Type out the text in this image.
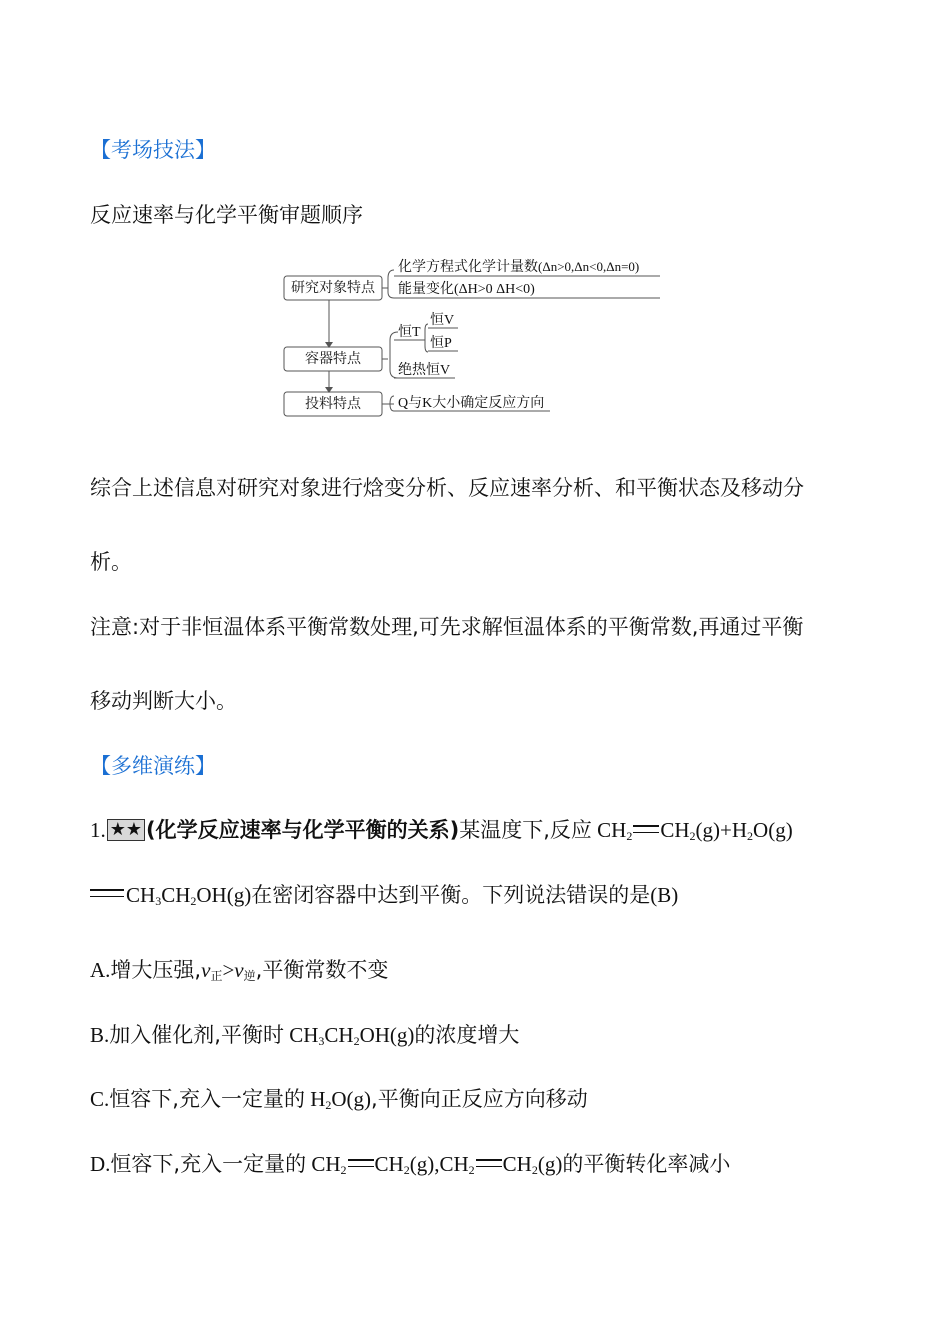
【考场技法】
反应速率与化学平衡审题顺序
研究对象特点
容器特点
投料特点
化学方程式化学计量数(Δn>0,Δn<0,Δn=0)
能量变化(ΔH>0 ΔH<0)
恒T
恒V
恒P
绝热恒V
Q与K大小确定反应方向
综合上述信息对研究对象进行焓变分析、反应速率分析、和平衡状态及移动分
析。
注意:对于非恒温体系平衡常数处理,可先求解恒温体系的平衡常数,再通过平衡
移动判断大小。
【多维演练】
1. ★★ (化学反应速率与化学平衡的关系)某温度下,反应 $CH_2$ $CH_2(g)+H_2O(g)$
$CH_3CH_2OH(g)$在密闭容器中达到平衡。下列说法错误的是(B)
A.增大压强$,v_正>v_逆$,平衡常数不变
B.加入催化剂,平衡时 $CH_3CH_2OH(g)$的浓度增大
C.恒容下,充入一定量的 $H_2O(g)$,平衡向正反应方向移动
D.恒容下,充入一定量的 $CH_2$ $CH_2(g),CH_2$ $CH_2(g)$的平衡转化率减小
